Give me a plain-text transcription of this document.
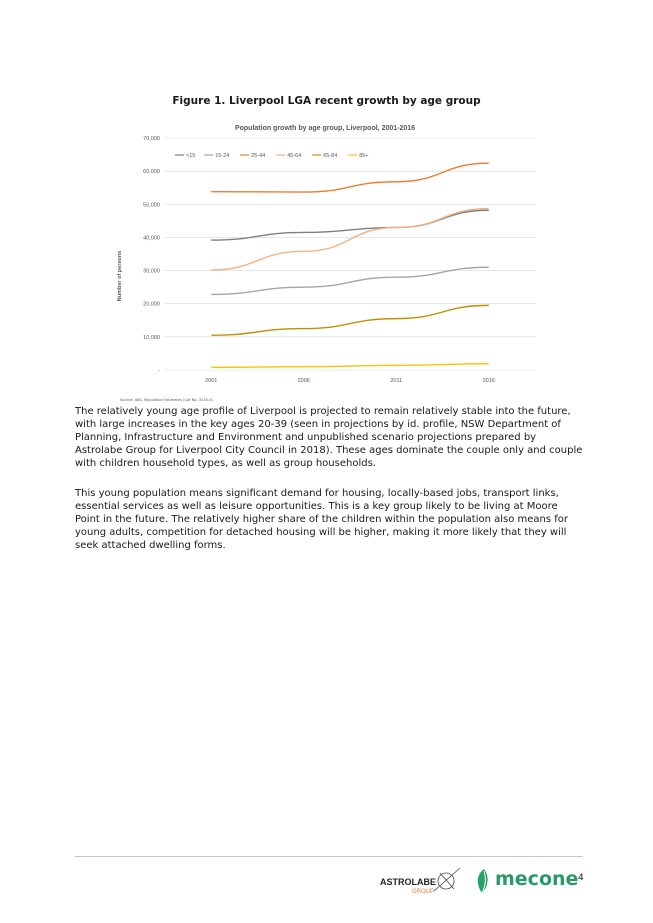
Figure 1. Liverpool LGA recent growth by age group
Population growth by age group, Liverpool, 2001-2016
Number of persons
-
10,000
20,000
30,000
40,000
50,000
60,000
70,000
2001	2006	2011	2016
<15	15-24	25-44	45-64	65-84	85+
Source: ABS, Population Estimates (Cat No. 3235.0).

The relatively young age profile of Liverpool is projected to remain relatively stable into the future, with large increases in the key ages 20-39 (seen in projections by id. profile, NSW Department of Planning, Infrastructure and Environment and unpublished scenario projections prepared by Astrolabe Group for Liverpool City Council in 2018). These ages dominate the couple only and couple with children household types, as well as group households.

This young population means significant demand for housing, locally-based jobs, transport links, essential services as well as leisure opportunities. This is a key group likely to be living at Moore Point in the future. The relatively higher share of the children within the population also means for young adults, competition for detached housing will be higher, making it more likely that they will seek attached dwelling forms.

ASTROLABE
GROUP
mecone 4
